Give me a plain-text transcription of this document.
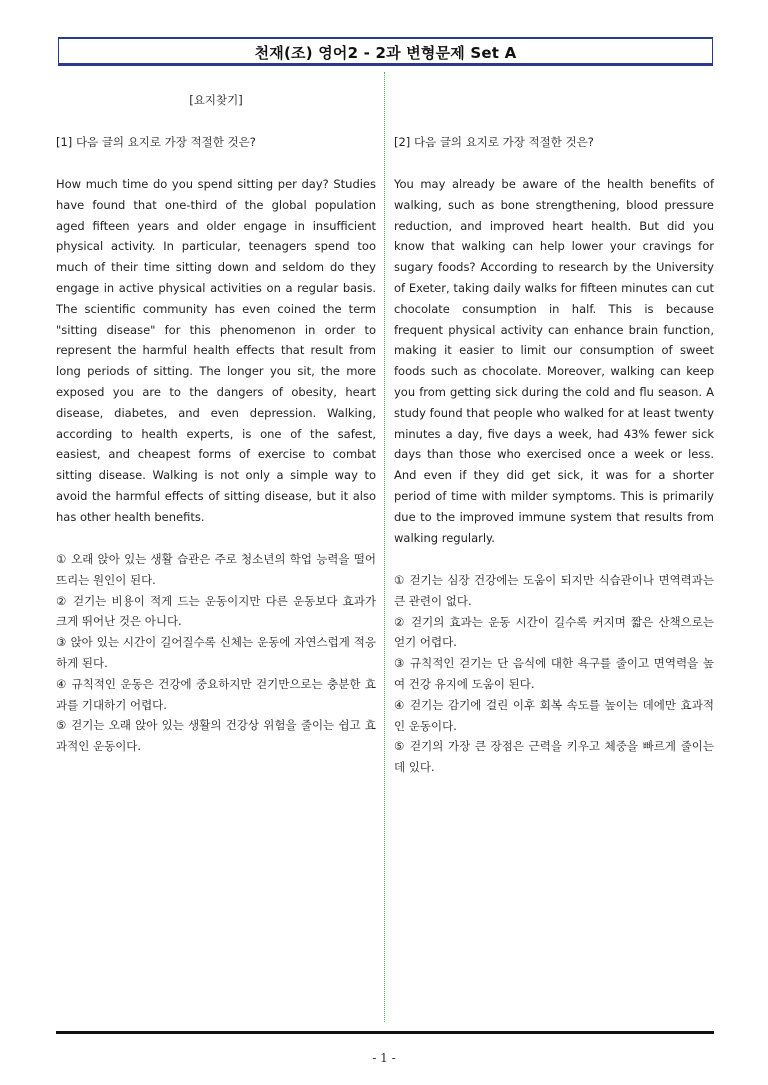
천재(조) 영어2 - 2과 변형문제 Set A
[요지찾기]
[1] 다음 글의 요지로 가장 적절한 것은?

How much time do you spend sitting per day? Studies have found that one-third of the global population aged fifteen years and older engage in insufficient physical activity. In particular, teenagers spend too much of their time sitting down and seldom do they engage in active physical activities on a regular basis. The scientific community has even coined the term "sitting disease" for this phenomenon in order to represent the harmful health effects that result from long periods of sitting. The longer you sit, the more exposed you are to the dangers of obesity, heart disease, diabetes, and even depression. Walking, according to health experts, is one of the safest, easiest, and cheapest forms of exercise to combat sitting disease. Walking is not only a simple way to avoid the harmful effects of sitting disease, but it also has other health benefits.

① 오래 앉아 있는 생활 습관은 주로 청소년의 학업 능력을 떨어뜨리는 원인이 된다.
② 걷기는 비용이 적게 드는 운동이지만 다른 운동보다 효과가 크게 뛰어난 것은 아니다.
③ 앉아 있는 시간이 길어질수록 신체는 운동에 자연스럽게 적응하게 된다.
④ 규칙적인 운동은 건강에 중요하지만 걷기만으로는 충분한 효과를 기대하기 어렵다.
⑤ 걷기는 오래 앉아 있는 생활의 건강상 위험을 줄이는 쉽고 효과적인 운동이다.
[2] 다음 글의 요지로 가장 적절한 것은?

You may already be aware of the health benefits of walking, such as bone strengthening, blood pressure reduction, and improved heart health. But did you know that walking can help lower your cravings for sugary foods? According to research by the University of Exeter, taking daily walks for fifteen minutes can cut chocolate consumption in half. This is because frequent physical activity can enhance brain function, making it easier to limit our consumption of sweet foods such as chocolate. Moreover, walking can keep you from getting sick during the cold and flu season. A study found that people who walked for at least twenty minutes a day, five days a week, had 43% fewer sick days than those who exercised once a week or less. And even if they did get sick, it was for a shorter period of time with milder symptoms. This is primarily due to the improved immune system that results from walking regularly.

① 걷기는 심장 건강에는 도움이 되지만 식습관이나 면역력과는 큰 관련이 없다.
② 걷기의 효과는 운동 시간이 길수록 커지며 짧은 산책으로는 얻기 어렵다.
③ 규칙적인 걷기는 단 음식에 대한 욕구를 줄이고 면역력을 높여 건강 유지에 도움이 된다.
④ 걷기는 감기에 걸린 이후 회복 속도를 높이는 데에만 효과적인 운동이다.
⑤ 걷기의 가장 큰 장점은 근력을 키우고 체중을 빠르게 줄이는 데 있다.
- 1 -
